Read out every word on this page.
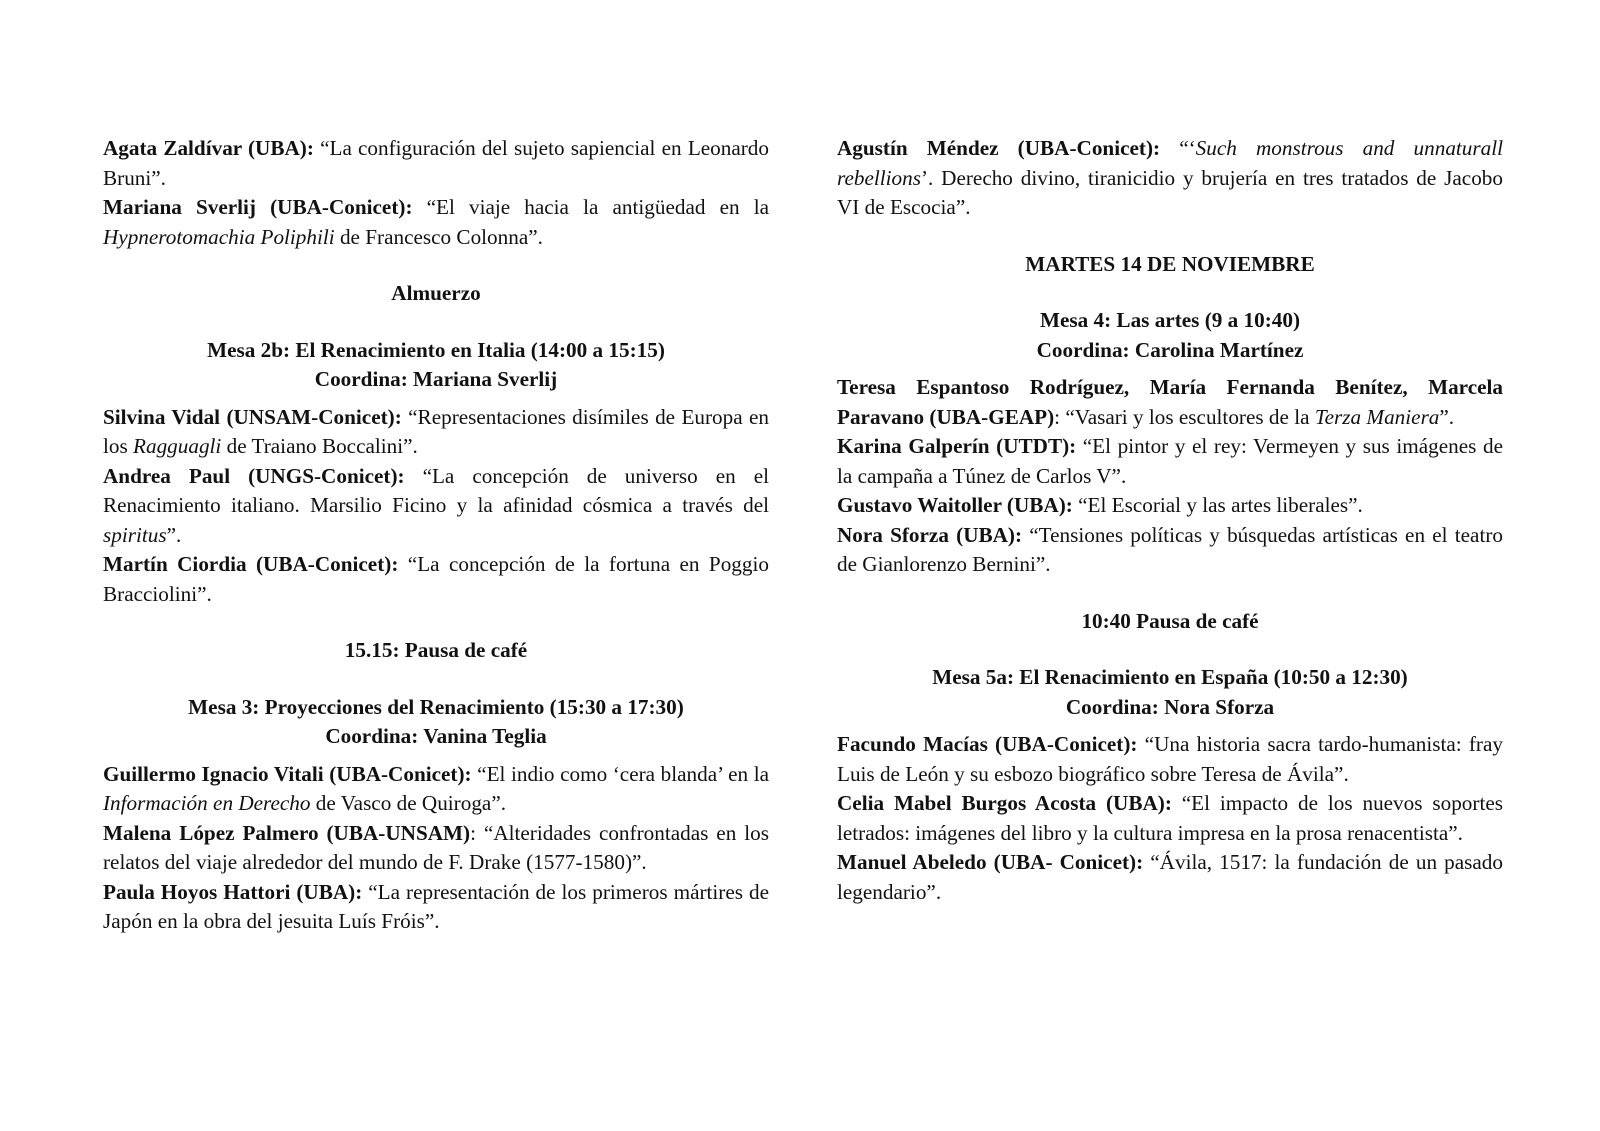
Agata Zaldívar (UBA): “La configuración del sujeto sapiencial en Leonardo Bruni”.

Mariana Sverlij (UBA-Conicet): “El viaje hacia la antigüedad en la Hypnerotomachia Poliphili de Francesco Colonna”.

Almuerzo

Mesa 2b: El Renacimiento en Italia (14:00 a 15:15)

Coordina: Mariana Sverlij

Silvina Vidal (UNSAM-Conicet): “Representaciones disímiles de Europa en los Ragguagli de Traiano Boccalini”.

Andrea Paul (UNGS-Conicet): “La concepción de universo en el Renacimiento italiano. Marsilio Ficino y la afinidad cósmica a través del spiritus”.

Martín Ciordia (UBA-Conicet): “La concepción de la fortuna en Poggio Bracciolini”.

15.15: Pausa de café

Mesa 3: Proyecciones del Renacimiento (15:30 a 17:30)

Coordina: Vanina Teglia

Guillermo Ignacio Vitali (UBA-Conicet): “El indio como ‘cera blanda’ en la Información en Derecho de Vasco de Quiroga”.

Malena López Palmero (UBA-UNSAM): “Alteridades confrontadas en los relatos del viaje alrededor del mundo de F. Drake (1577-1580)”.

Paula Hoyos Hattori (UBA): “La representación de los primeros mártires de Japón en la obra del jesuita Luís Fróis”.

Agustín Méndez (UBA-Conicet): “‘Such monstrous and unnaturall rebellions’. Derecho divino, tiranicidio y brujería en tres tratados de Jacobo VI de Escocia”.

MARTES 14 DE NOVIEMBRE

Mesa 4: Las artes (9 a 10:40)

Coordina: Carolina Martínez

Teresa Espantoso Rodríguez, María Fernanda Benítez, Marcela Paravano (UBA-GEAP): “Vasari y los escultores de la Terza Maniera”.

Karina Galperín (UTDT): “El pintor y el rey: Vermeyen y sus imágenes de la campaña a Túnez de Carlos V”.

Gustavo Waitoller (UBA): “El Escorial y las artes liberales”.

Nora Sforza (UBA): “Tensiones políticas y búsquedas artísticas en el teatro de Gianlorenzo Bernini”.

10:40 Pausa de café

Mesa 5a: El Renacimiento en España (10:50 a 12:30)

Coordina: Nora Sforza

Facundo Macías (UBA-Conicet): “Una historia sacra tardo-humanista: fray Luis de León y su esbozo biográfico sobre Teresa de Ávila”.

Celia Mabel Burgos Acosta (UBA): “El impacto de los nuevos soportes letrados: imágenes del libro y la cultura impresa en la prosa renacentista”.

Manuel Abeledo (UBA- Conicet): “Ávila, 1517: la fundación de un pasado legendario”.
